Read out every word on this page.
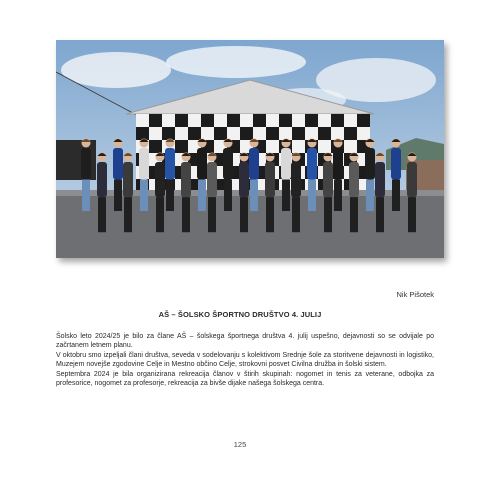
Nik Pišotek
AŠ – ŠOLSKO ŠPORTNO DRUŠTVO 4. JULIJ

Šolsko leto 2024/25 je bilo za člane AŠ – šolskega športnega društva 4. julij uspešno, dejavnosti so se odvijale po začrtanem letnem planu.

V oktobru smo izpeljali člani društva, seveda v sodelovanju s kolektivom Srednje šole za storitvene dejavnosti in logistiko, Muzejem novejše zgodovine Celje in Mestno občino Celje, strokovni posvet Civilna družba in šolski sistem.

Septembra 2024 je bila organizirana rekreacija članov v štirih skupinah: nogomet in tenis za veterane, odbojka za profesorice, nogomet za profesorje, rekreacija za bivše dijake našega šolskega centra.

125
